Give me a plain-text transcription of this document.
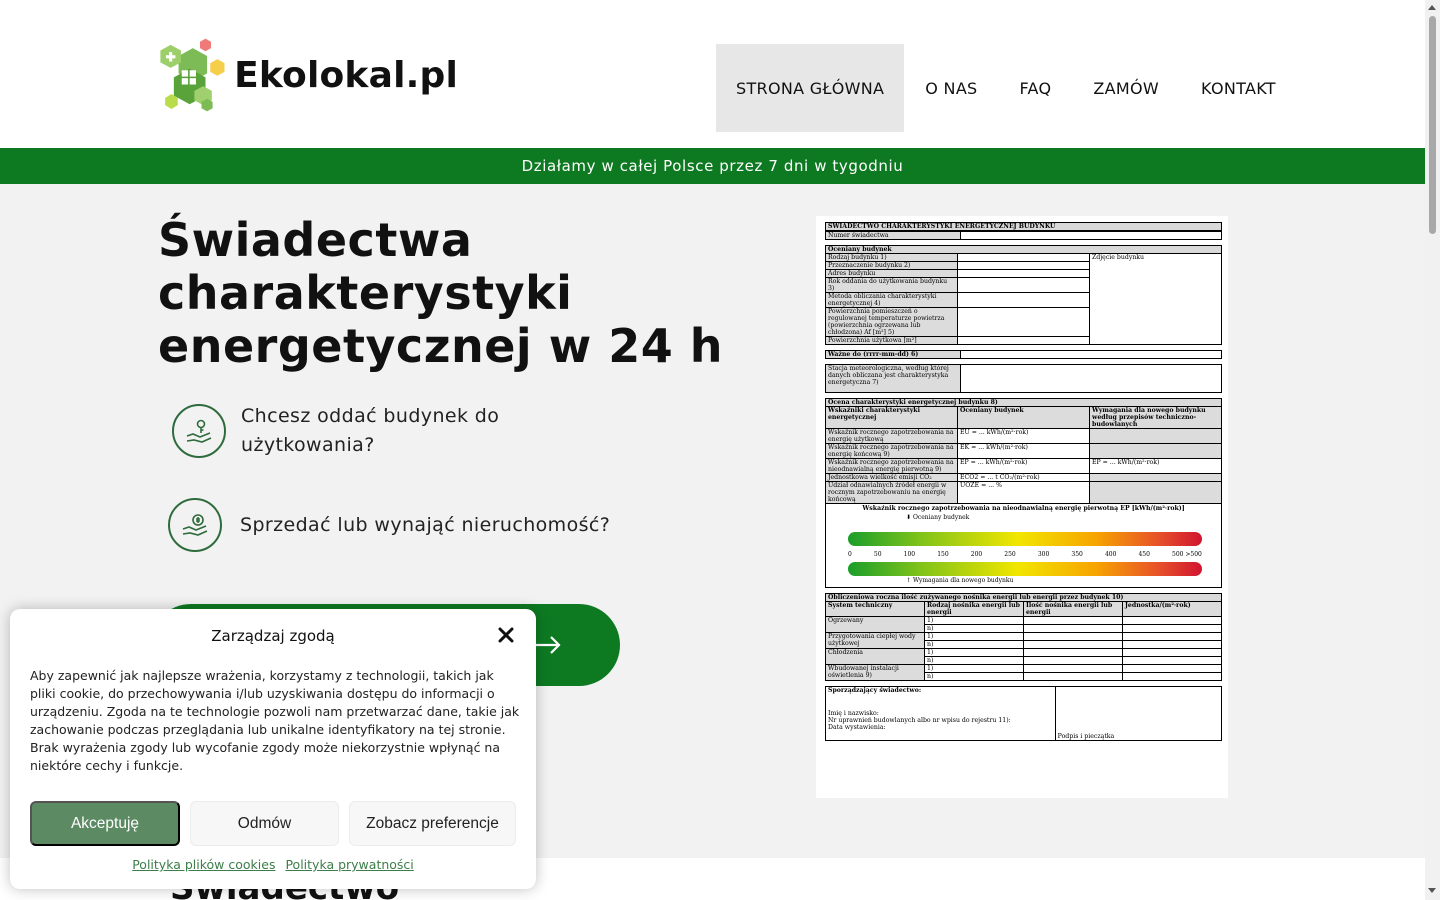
Ekolokal.pl	STRONA GŁÓWNA	O NAS	FAQ	ZAMÓW	KONTAKT
Działamy w całej Polsce przez 7 dni w tygodniu
Świadectwa charakterystyki energetycznej w 24 h
Chcesz oddać budynek do użytkowania?
Sprzedać lub wynająć nieruchomość?
ŚWIADECTWO CHARAKTERYSTYKI ENERGETYCZNEJ BUDYNKU
Numer świadectwa	
Oceniany budynek		
Rodzaj budynku 1)		Zdjęcie budynku
Przeznaczenie budynku 2)		
Adres budynku		
Rok oddania do użytkowania budynku 3)		
Metoda obliczania charakterystyki energetycznej 4)		
Powierzchnia pomieszczeń o regulowanej temperaturze powietrza (powierzchnia ogrzewana lub chłodzona) Af [m²] 5)		
Powierzchnia użytkowa [m²]		
Ważne do (rrrr-mm-dd) 6)	
Stacja meteorologiczna, według której danych obliczana jest charakterystyka energetyczna 7)	
Ocena charakterystyki energetycznej budynku 8)		
Wskaźniki charakterystyki energetycznej	Oceniany budynek	Wymagania dla nowego budynku według przepisów techniczno-budowlanych
Wskaźnik rocznego zapotrzebowania na energię użytkową	EU = ... kWh/(m²·rok)	
Wskaźnik rocznego zapotrzebowania na energię końcową 9)	EK = ... kWh/(m²·rok)	
Wskaźnik rocznego zapotrzebowania na nieodnawialną energię pierwotną 9)	EP = ... kWh/(m²·rok)	EP = ... kWh/(m²·rok)
Jednostkowa wielkość emisji CO₂	ECO2 = ... t CO₂/(m²·rok)	
Udział odnawialnych źródeł energii w rocznym zapotrzebowaniu na energię końcową	UOZE = ... %	
Wskaźnik rocznego zapotrzebowania na nieodnawialną energię pierwotną EP [kWh/(m²·rok)]
⬇ Oceniany budynek
0	50	100	150	200	250	300	350	400	450	500 >500
↑ Wymagania dla nowego budynku
Obliczeniowa roczna ilość zużywanego nośnika energii lub energii przez budynek 10)			
System techniczny	Rodzaj nośnika energii lub energii	Ilość nośnika energii lub energii	Jednostka/(m²·rok)
Ogrzewany	1)		
	n)		
Przygotowania ciepłej wody użytkowej	1)		
	n)		
Chłodzenia	1)		
	n)		
Wbudowanej instalacji oświetlenia 9)	1)		
	n)		
Sporządzający świadectwo:
Imię i nazwisko:
Nr uprawnień budowlanych albo nr wpisu do rejestru 11):
Data wystawienia:
	Podpis i pieczątka
Zarządzaj zgodą

Aby zapewnić jak najlepsze wrażenia, korzystamy z technologii, takich jak pliki cookie, do przechowywania i/lub uzyskiwania dostępu do informacji o urządzeniu. Zgoda na te technologie pozwoli nam przetwarzać dane, takie jak zachowanie podczas przeglądania lub unikalne identyfikatory na tej stronie. Brak wyrażenia zgody lub wycofanie zgody może niekorzystnie wpłynąć na niektóre cechy i funkcje.

Akceptuję	Odmów	Zobacz preferencje
Polityka plików cookies Polityka prywatności
